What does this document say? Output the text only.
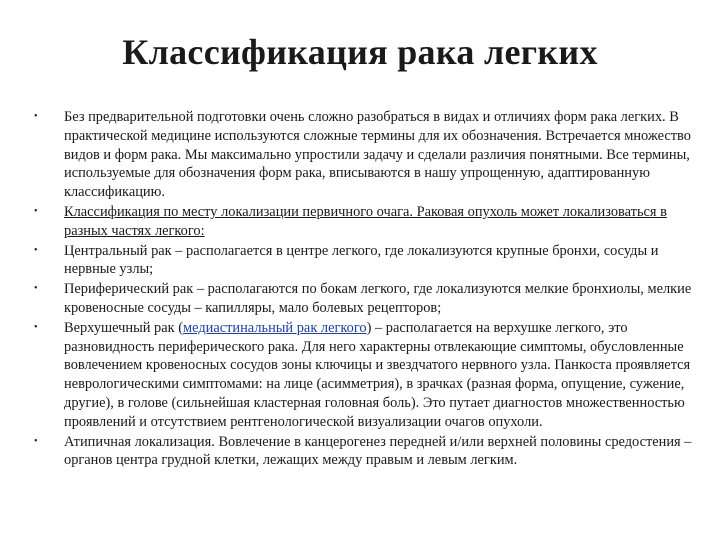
Классификация рака легких
•	Без предварительной подготовки очень сложно разобраться в видах и отличиях форм рака легких. В практической медицине используются сложные термины для их обозначения. Встречается множество видов и форм рака. Мы максимально упростили задачу и сделали различия понятными. Все термины, используемые для обозначения форм рака, вписываются в нашу упрощенную, адаптированную классификацию.
•	Классификация по месту локализации первичного очага. Раковая опухоль может локализоваться в разных частях легкого:
•	Центральный рак – располагается в центре легкого, где локализуются крупные бронхи, сосуды и нервные узлы;
•	Периферический рак – располагаются по бокам легкого, где локализуются мелкие бронхиолы, мелкие кровеносные сосуды – капилляры, мало болевых рецепторов;
•	Верхушечный рак (медиастинальный рак легкого) – располагается на верхушке легкого, это разновидность периферического рака. Для него характерны отвлекающие симптомы, обусловленные вовлечением кровеносных сосудов зоны ключицы и звездчатого нервного узла. Панкоста проявляется неврологическими симптомами: на лице (асимметрия), в зрачках (разная форма, опущение, сужение, другие), в голове (сильнейшая кластерная головная боль). Это путает диагностов множественностью проявлений и отсутствием рентгенологической визуализации очагов опухоли.
•	Атипичная локализация. Вовлечение в канцерогенез передней и/или верхней половины средостения – органов центра грудной клетки, лежащих между правым и левым легким.
